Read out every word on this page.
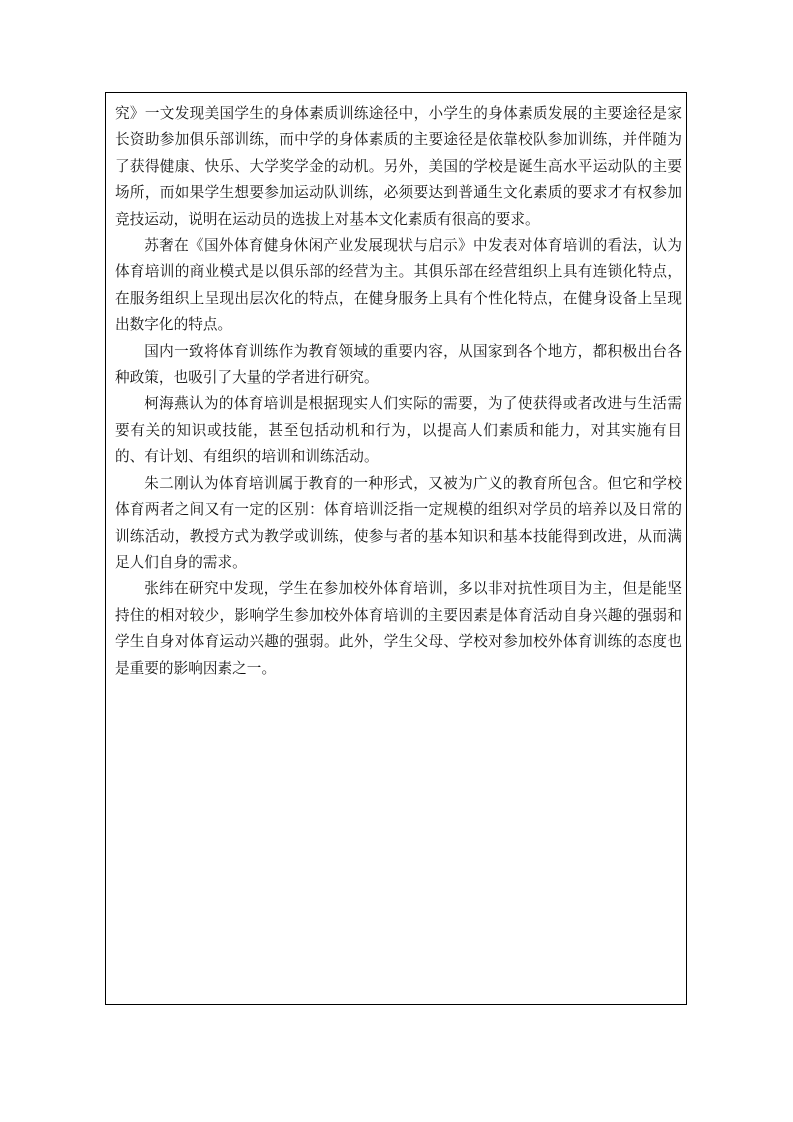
究》一文发现美国学生的身体素质训练途径中，小学生的身体素质发展的主要途径是家长资助参加俱乐部训练，而中学的身体素质的主要途径是依靠校队参加训练，并伴随为了获得健康、快乐、大学奖学金的动机。另外，美国的学校是诞生高水平运动队的主要场所，而如果学生想要参加运动队训练，必须要达到普通生文化素质的要求才有权参加竞技运动，说明在运动员的选拔上对基本文化素质有很高的要求。

苏奢在《国外体育健身休闲产业发展现状与启示》中发表对体育培训的看法，认为体育培训的商业模式是以俱乐部的经营为主。其俱乐部在经营组织上具有连锁化特点，在服务组织上呈现出层次化的特点，在健身服务上具有个性化特点，在健身设备上呈现出数字化的特点。

国内一致将体育训练作为教育领域的重要内容，从国家到各个地方，都积极出台各种政策，也吸引了大量的学者进行研究。

柯海燕认为的体育培训是根据现实人们实际的需要，为了使获得或者改进与生活需要有关的知识或技能，甚至包括动机和行为，以提高人们素质和能力，对其实施有目的、有计划、有组织的培训和训练活动。

朱二刚认为体育培训属于教育的一种形式，又被为广义的教育所包含。但它和学校体育两者之间又有一定的区别：体育培训泛指一定规模的组织对学员的培养以及日常的训练活动，教授方式为教学或训练，使参与者的基本知识和基本技能得到改进，从而满足人们自身的需求。

张纬在研究中发现，学生在参加校外体育培训，多以非对抗性项目为主，但是能坚持住的相对较少，影响学生参加校外体育培训的主要因素是体育活动自身兴趣的强弱和学生自身对体育运动兴趣的强弱。此外，学生父母、学校对参加校外体育训练的态度也是重要的影响因素之一。
